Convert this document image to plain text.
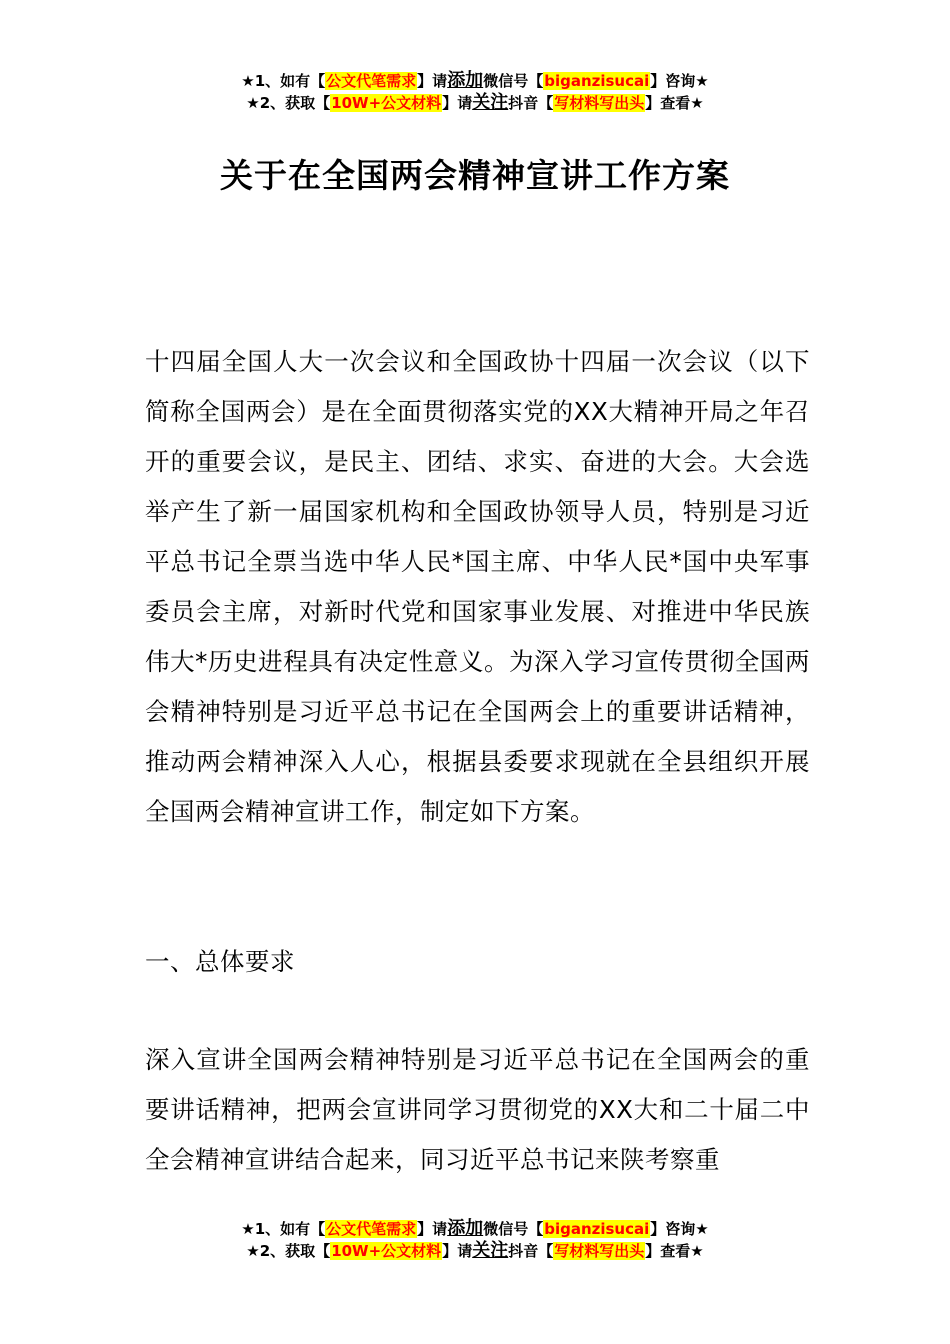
★1、如有【公文代笔需求】请添加微信号【biganzisucai】咨询★
★2、获取【10W+公文材料】请关注抖音【写材料写出头】查看★
关于在全国两会精神宣讲工作方案
十四届全国人大一次会议和全国政协十四届一次会议（以下简称全国两会）是在全面贯彻落实党的XX大精神开局之年召开的重要会议，是民主、团结、求实、奋进的大会。大会选举产生了新一届国家机构和全国政协领导人员，特别是习近平总书记全票当选中华人民*国主席、中华人民*国中央军事委员会主席，对新时代党和国家事业发展、对推进中华民族伟大*历史进程具有决定性意义。为深入学习宣传贯彻全国两会精神特别是习近平总书记在全国两会上的重要讲话精神，推动两会精神深入人心，根据县委要求现就在全县组织开展全国两会精神宣讲工作，制定如下方案。
一、总体要求
深入宣讲全国两会精神特别是习近平总书记在全国两会的重要讲话精神，把两会宣讲同学习贯彻党的XX大和二十届二中全会精神宣讲结合起来，同习近平总书记来陕考察重
★1、如有【公文代笔需求】请添加微信号【biganzisucai】咨询★
★2、获取【10W+公文材料】请关注抖音【写材料写出头】查看★
